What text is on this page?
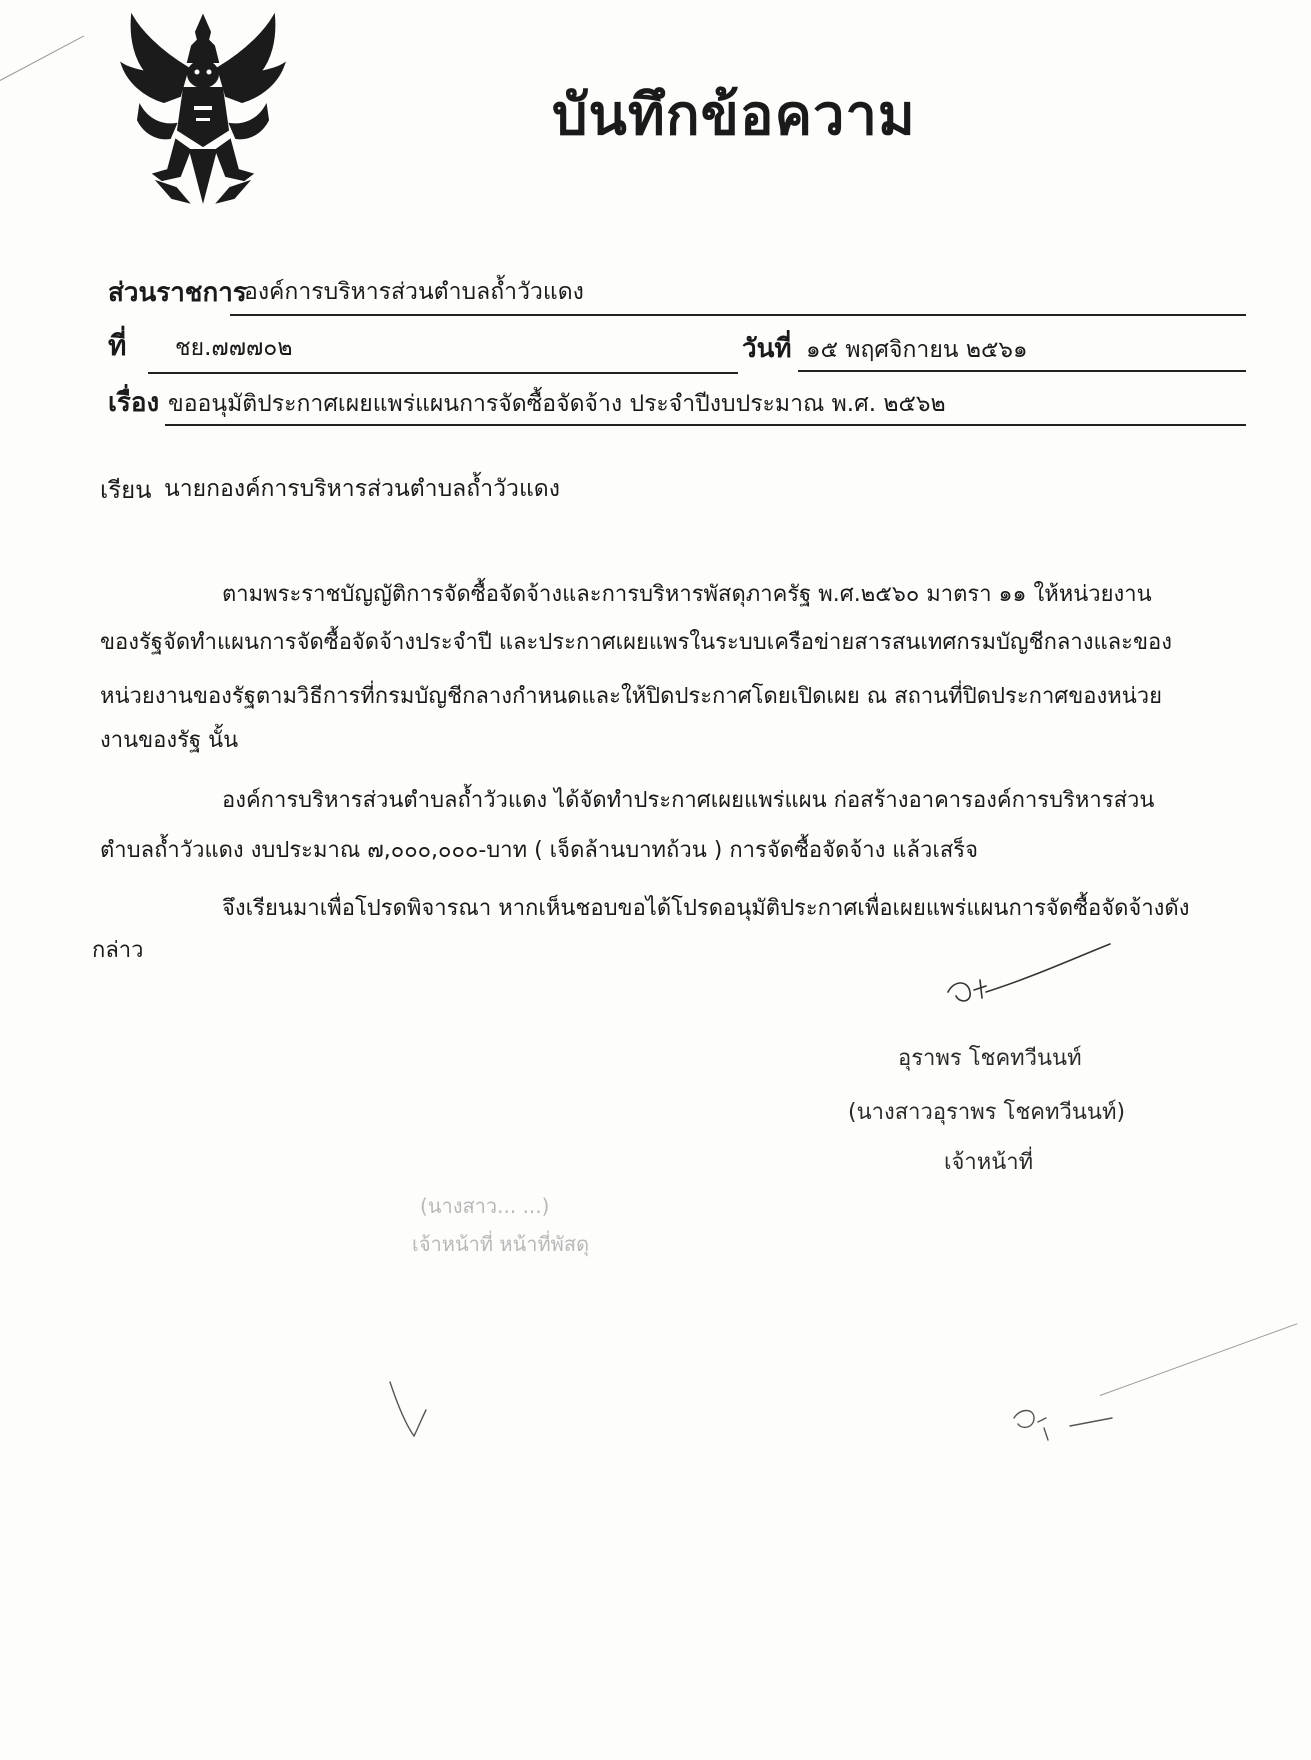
บันทึกข้อความ
ส่วนราชการ
องค์การบริหารส่วนตำบลถ้ำวัวแดง
ที่ ชย.๗๗๗๐๒	วันที่ ๑๕ พฤศจิกายน ๒๕๖๑
เรื่อง ขออนุมัติประกาศเผยแพร่แผนการจัดซื้อจัดจ้าง ประจำปีงบประมาณ พ.ศ. ๒๕๖๒
เรียน นายกองค์การบริหารส่วนตำบลถ้ำวัวแดง
ตามพระราชบัญญัติการจัดซื้อจัดจ้างและการบริหารพัสดุภาครัฐ พ.ศ.๒๕๖๐ มาตรา ๑๑ ให้หน่วยงาน
ของรัฐจัดทำแผนการจัดซื้อจัดจ้างประจำปี และประกาศเผยแพรในระบบเครือข่ายสารสนเทศกรมบัญชีกลางและของ
หน่วยงานของรัฐตามวิธีการที่กรมบัญชีกลางกำหนดและให้ปิดประกาศโดยเปิดเผย ณ สถานที่ปิดประกาศของหน่วย
งานของรัฐ นั้น
องค์การบริหารส่วนตำบลถ้ำวัวแดง ได้จัดทำประกาศเผยแพร่แผน ก่อสร้างอาคารองค์การบริหารส่วน
ตำบลถ้ำวัวแดง งบประมาณ ๗,๐๐๐,๐๐๐-บาท ( เจ็ดล้านบาทถ้วน ) การจัดซื้อจัดจ้าง แล้วเสร็จ
จึงเรียนมาเพื่อโปรดพิจารณา หากเห็นชอบขอได้โปรดอนุมัติประกาศเพื่อเผยแพร่แผนการจัดซื้อจัดจ้างดัง
กล่าว
อุราพร โชคทวีนนท์
(นางสาวอุราพร โชคทวีนนท์)
เจ้าหน้าที่
(นางสาว... ...)
เจ้าหน้าที่ หน้าที่พัสดุ
